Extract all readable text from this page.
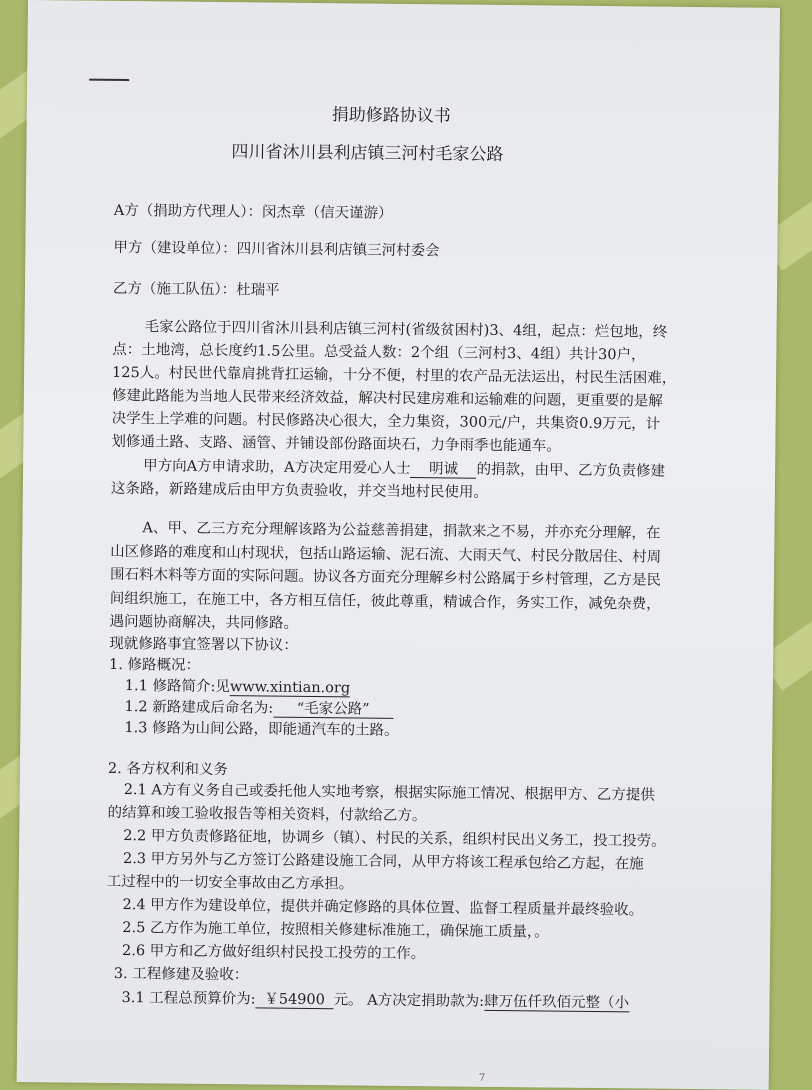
捐助修路协议书
四川省沐川县利店镇三河村毛家公路
A方（捐助方代理人）：闵杰章（信天谨游）
甲方（建设单位）：四川省沐川县利店镇三河村委会
乙方（施工队伍）：杜瑞平
毛家公路位于四川省沐川县利店镇三河村(省级贫困村)3、4组，起点：烂包地，终
点：土地湾，总长度约1.5公里。总受益人数：2个组（三河村3、4组）共计30户，
125人。村民世代靠肩挑背扛运输，十分不便，村里的农产品无法运出，村民生活困难，
修建此路能为当地人民带来经济效益，解决村民建房难和运输难的问题，更重要的是解
决学生上学难的问题。村民修路决心很大，全力集资，300元/户，共集资0.9万元，计
划修通土路、支路、涵管、并铺设部份路面块石，力争雨季也能通车。
甲方向A方申请求助，A方决定用爱心人士 明诚 的捐款，由甲、乙方负责修建
这条路，新路建成后由甲方负责验收，并交当地村民使用。
A、甲、乙三方充分理解该路为公益慈善捐建，捐款来之不易，并亦充分理解，在
山区修路的难度和山村现状，包括山路运输、泥石流、大雨天气、村民分散居住、村周
围石料木料等方面的实际问题。协议各方面充分理解乡村公路属于乡村管理，乙方是民
间组织施工，在施工中，各方相互信任，彼此尊重，精诚合作，务实工作，减免杂费，
遇问题协商解决，共同修路。
现就修路事宜签署以下协议：
1. 修路概况：
1.1 修路简介:见www.xintian.org
1.2 新路建成后命名为: “毛家公路”
1.3 修路为山间公路，即能通汽车的土路。
2. 各方权利和义务
2.1 A方有义务自己或委托他人实地考察，根据实际施工情况、根据甲方、乙方提供
的结算和竣工验收报告等相关资料，付款给乙方。
2.2 甲方负责修路征地，协调乡（镇）、村民的关系，组织村民出义务工，投工投劳。
2.3 甲方另外与乙方签订公路建设施工合同，从甲方将该工程承包给乙方起，在施
工过程中的一切安全事故由乙方承担。
2.4 甲方作为建设单位，提供并确定修路的具体位置、监督工程质量并最终验收。
2.5 乙方作为施工单位，按照相关修建标准施工，确保施工质量，。
2.6 甲方和乙方做好组织村民投工投劳的工作。
3. 工程修建及验收：
3.1 工程总预算价为: ￥54900 元。 A方决定捐助款为:肆万伍仟玖佰元整（小
7
